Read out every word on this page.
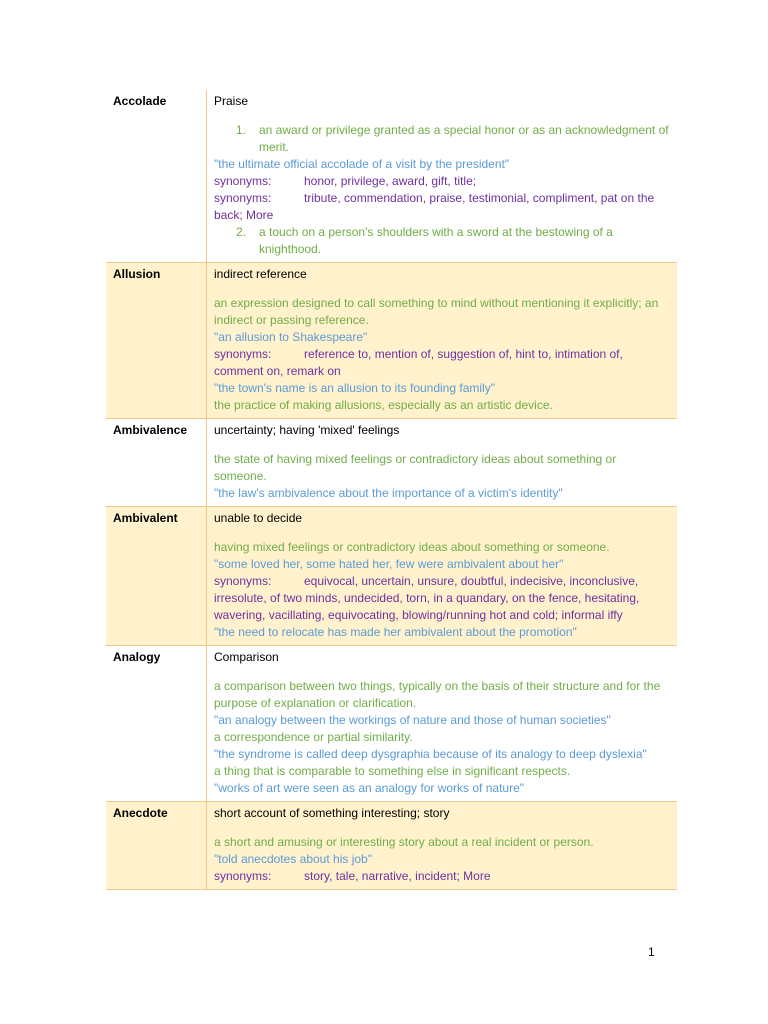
Accolade	Praise
1.	an award or privilege granted as a special honor or as an acknowledgment of merit.

"the ultimate official accolade of a visit by the president"

synonyms:	honor, privilege, award, gift, title;

synonyms:	tribute, commendation, praise, testimonial, compliment, pat on the back; More

2.	a touch on a person's shoulders with a sword at the bestowing of a knighthood.
Allusion	indirect reference

an expression designed to call something to mind without mentioning it explicitly; an indirect or passing reference.

"an allusion to Shakespeare"

synonyms:	reference to, mention of, suggestion of, hint to, intimation of, comment on, remark on

"the town's name is an allusion to its founding family"

the practice of making allusions, especially as an artistic device.

Ambivalence	uncertainty; having 'mixed' feelings

the state of having mixed feelings or contradictory ideas about something or someone.

"the law's ambivalence about the importance of a victim's identity"

Ambivalent	unable to decide

having mixed feelings or contradictory ideas about something or someone.

"some loved her, some hated her, few were ambivalent about her"

synonyms:	equivocal, uncertain, unsure, doubtful, indecisive, inconclusive, irresolute, of two minds, undecided, torn, in a quandary, on the fence, hesitating, wavering, vacillating, equivocating, blowing/running hot and cold; informal iffy

"the need to relocate has made her ambivalent about the promotion"

Analogy	Comparison

a comparison between two things, typically on the basis of their structure and for the purpose of explanation or clarification.

"an analogy between the workings of nature and those of human societies"

a correspondence or partial similarity.

"the syndrome is called deep dysgraphia because of its analogy to deep dyslexia"

a thing that is comparable to something else in significant respects.

"works of art were seen as an analogy for works of nature"

Anecdote	short account of something interesting; story

a short and amusing or interesting story about a real incident or person.

"told anecdotes about his job"

synonyms:	story, tale, narrative, incident; More

1
